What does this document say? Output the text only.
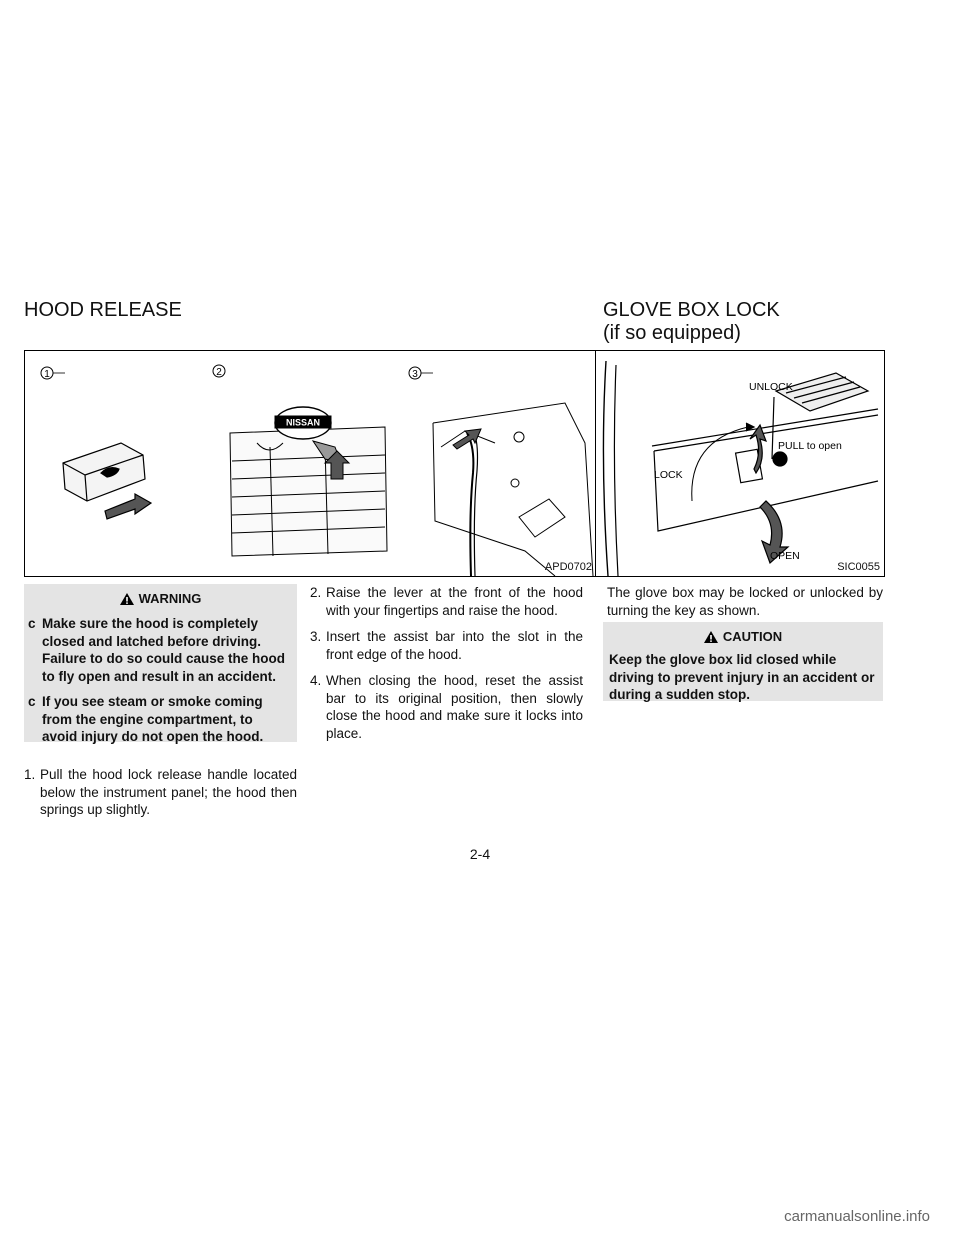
HOOD RELEASE	GLOVE BOX LOCK
(if so equipped)
1	2	3
NISSAN
APD0702
UNLOCK
PULL to open
LOCK
OPEN
SIC0055
WARNING
c Make sure the hood is completely closed and latched before driving. Failure to do so could cause the hood to fly open and result in an accident.
c If you see steam or smoke coming from the engine compartment, to avoid injury do not open the hood.
1. Pull the hood lock release handle located below the instrument panel; the hood then springs up slightly.
2. Raise the lever at the front of the hood with your fingertips and raise the hood.
3. Insert the assist bar into the slot in the front edge of the hood.
4. When closing the hood, reset the assist bar to its original position, then slowly close the hood and make sure it locks into place.
The glove box may be locked or unlocked by turning the key as shown.
CAUTION
Keep the glove box lid closed while driving to prevent injury in an accident or during a sudden stop.
2-4
carmanualsonline.info
